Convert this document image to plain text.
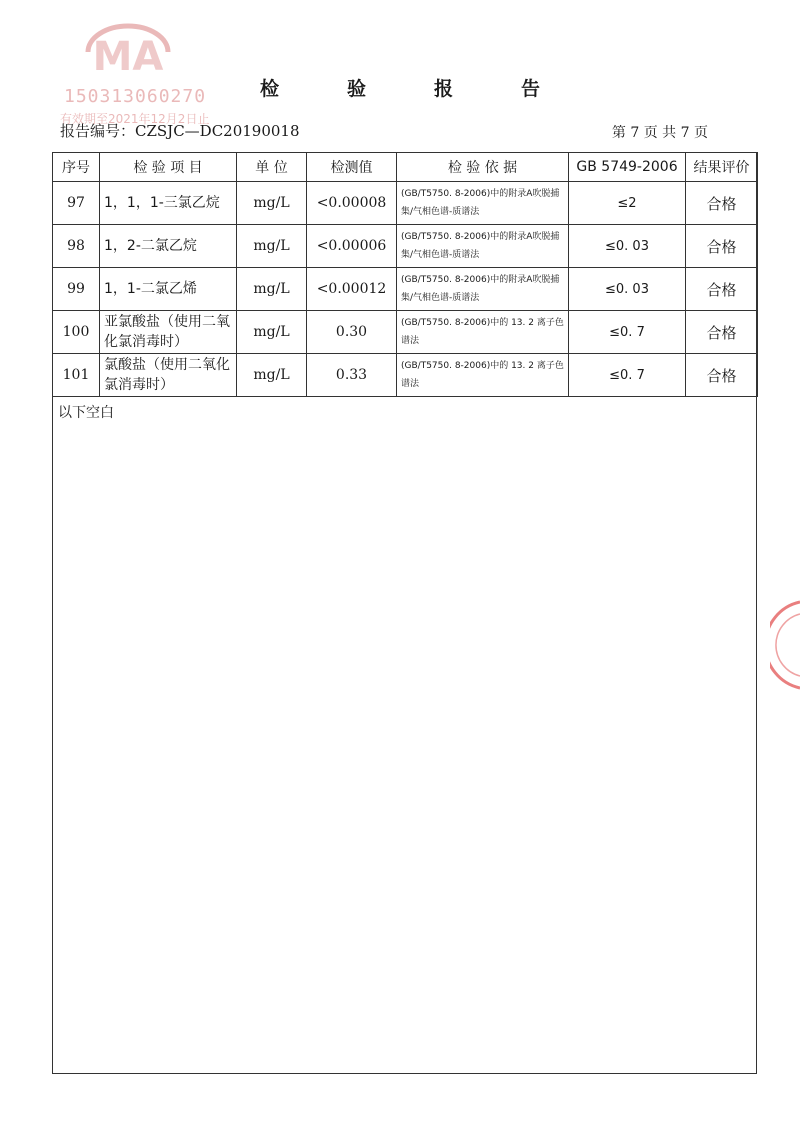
MA
150313060270
有效期至2021年12月2日止
检	验	报	告
报告编号：CZSJC—DC20190018	第 7 页 共 7 页
序号	检 验 项 目	单 位	检测值	检 验 依 据	GB 5749-2006	结果评价
97	1，1，1-三氯乙烷	mg/L	<0.00008	(GB/T5750. 8-2006)中的附录A吹脱捕集/气相色谱-质谱法	≤2	合格
98	1，2-二氯乙烷	mg/L	<0.00006	(GB/T5750. 8-2006)中的附录A吹脱捕集/气相色谱-质谱法	≤0. 03	合格
99	1，1-二氯乙烯	mg/L	<0.00012	(GB/T5750. 8-2006)中的附录A吹脱捕集/气相色谱-质谱法	≤0. 03	合格
100	亚氯酸盐（使用二氧化氯消毒时）	mg/L	0.30	(GB/T5750. 8-2006)中的 13. 2 离子色谱法	≤0. 7	合格
101	氯酸盐（使用二氧化氯消毒时）	mg/L	0.33	(GB/T5750. 8-2006)中的 13. 2 离子色谱法	≤0. 7	合格
以下空白
